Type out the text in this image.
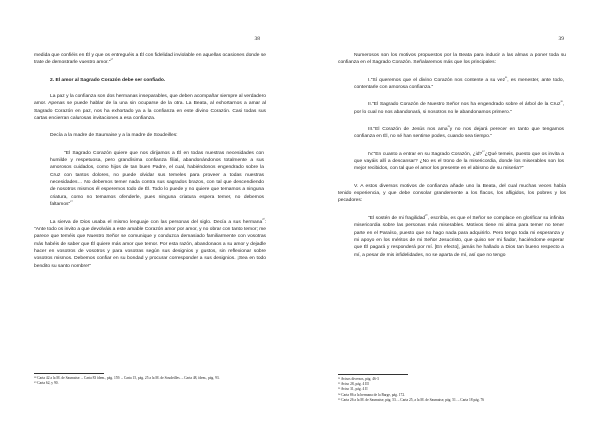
38

medida que confiéis en Él y que os entreguéis a Él con fidelidad inviolable en aquellas ocasiones donde se trate de demostrarle vuestro amor."$^{^{18}}$

2. El amor al Sagrado Corazón debe ser confiado.

La paz y la confianza son dos hermanas inseparables, que deben acompañar siempre al verdadero amor. Apenas se puede hablar de la una sin ocuparse de la otra. La Beata, al exhortarnos a amar al Sagrado Corazón en paz, nos ha exhortado ya a la confianza en este divino Corazón. Casi todas sus cartas encierran calurosas invitaciones a esa confianza.

Decía a la madre de Saumaise y a la madre de Soudeilles:

"El Sagrado Corazón quiere que nos dirijamos a Él en todas nuestras necesidades con humilde y respetuosa, pero grandísima confianza filial, abandonándonos totalmente a sus amorosos cuidados, como hijos de tan buen Padre, el cual, habiéndonos engendrado sobre la Cruz con tantos dolores, no puede olvidar sus temeles para proveer a todas nuestras necesidades… No debemos temer nada contra sus sagrados brazos, con tal que descendiendo de nosotros mismos él esperemos todo de Él. Todo lo puede y no quiere que temamos a ninguna criatura, como no temamos ofenderle, pues ninguna criatura espera temer, no debemos faltamos"$^{^{19}}$

La sierva de Dios usaba el mismo lenguaje con las personas del siglo. Decía a sus hermana$^{^{20}}$: "Ante todo os invito a que devolváis a este amable Corazón amor por amor, y no obrar con tanto temor; me parece que teméis que Nuestro Señor se comunique y conduzca demasiado familiarmente con vosotras más habéis de saber que Él quiere más amor que temor. Por esta razón, abandonaos a su amor y dejadle hacer en vosotros de vosotros y para vosotras según sus designios y gustos, sin reflexionar sobre vosotros mismos. Debemos confiar en su bondad y procurar corresponder a sus designios. ¡Sea en todo bendito su santo nombre!"

¹⁸ Carta 42 a la M. de Saumaise. – Carta 83 ídem., pág. 159. – Carta 15, pág. 25 a la M. de Soudeilles. – Carta 48, ídem., pág. 93.

¹⁹ Carta 62, y 90.

39

Numerosos son los motivos propuestos por la Beata para inducir a las almas a poner toda su confianza en el Sagrado Corazón. Señalaremos más que los principales:

I."Sí queremos que el divino Corazón nos contente a su vez$^{^{21}}$, es menester, ante todo, contentarle con amorosa confianza."

II."El Sagrado Corazón de Nuestro Señor nos ha engendrado sobre el árbol de la Cruz$^{^{22}}$, por lo cual no nos abandonará, si nosotros no le abandonamos primero."

III."El Corazón de Jesús nos ama$^{^{23}}$y no nos dejará perecer en tanto que tengamos confianza en Él, no sé han sentirse podes, cuando sea tiempo."

IV."En cuanto a entrar en su Sagrado Corazón, ¿id?$^{^{24}}$¿Qué temeis, puesto que os invita a que vayáis allí a descansar? ¿No es el trono de la misericordia, donde los miserables son los mejor recibidos, con tal que el amor los presente en el abismo de su miseria?"

V. A estos diversos motivos de confianza añade uno la Beata, del cual muchas veces había tenido experiencia, y que debe consolar grandemente a los flacos, los afligidos, los pobres y los pecadores:

"El sostén de mi fragilidad$^{^{25}}$, escribía, es que el Señor se complace en glorificar su infinita misericordia sobre las personas más miserables. Motivos tiene mi alma para temer no tener parte en el Paraíso, puesto que no hago nada para adquirirlo. Pero tengo toda mi esperanza y mi apoyo en los méritos de mi Señor Jesucristo, que quiso ser mi fiador, haciéndome esperar que Él pagará y responderá por mí. [En efecto], jamás he hallado a Dios tan bueno respecto a mí, a pesar de mis infidelidades, no se aparta de mí, así que no tengo

²¹ Avisos diversos, pág. 46-3

²² Aviso 28, pág. 4 III

²³ Aviso 31, pág. 4 II

²⁴ Carta 86 a la hermana de la Barge, pág. 172.

²⁵ Carta 26 a la M. de Saumaise, pág. 53. – Carta 25, a la M. de Saumaise, pág. 51. – Carta 18 pág. 76
